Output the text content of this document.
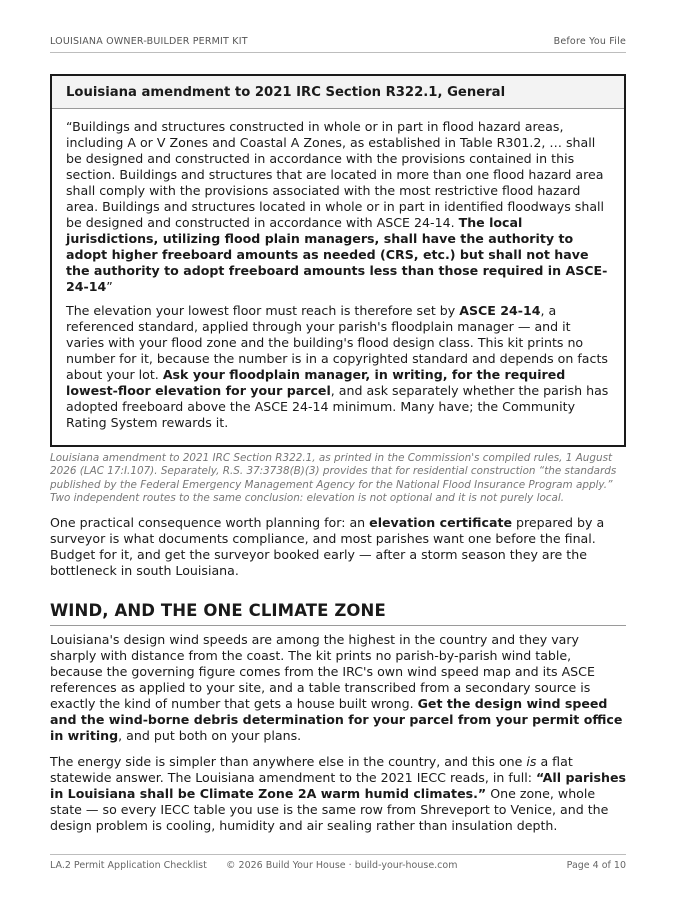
LOUISIANA OWNER-BUILDER PERMIT KIT	Before You File
Louisiana amendment to 2021 IRC Section R322.1, General

“Buildings and structures constructed in whole or in part in flood hazard areas, including A or V Zones and Coastal A Zones, as established in Table R301.2, … shall be designed and constructed in accordance with the provisions contained in this section. Buildings and structures that are located in more than one flood hazard area shall comply with the provisions associated with the most restrictive flood hazard area. Buildings and structures located in whole or in part in identified floodways shall be designed and constructed in accordance with ASCE 24-14. The local jurisdictions, utilizing flood plain managers, shall have the authority to adopt higher freeboard amounts as needed (CRS, etc.) but shall not have the authority to adopt freeboard amounts less than those required in ASCE-24-14”

The elevation your lowest floor must reach is therefore set by ASCE 24-14, a referenced standard, applied through your parish's floodplain manager — and it varies with your flood zone and the building's flood design class. This kit prints no number for it, because the number is in a copyrighted standard and depends on facts about your lot. Ask your floodplain manager, in writing, for the required lowest-floor elevation for your parcel, and ask separately whether the parish has adopted freeboard above the ASCE 24-14 minimum. Many have; the Community Rating System rewards it.

Louisiana amendment to 2021 IRC Section R322.1, as printed in the Commission's compiled rules, 1 August 2026 (LAC 17:I.107). Separately, R.S. 37:3738(B)(3) provides that for residential construction “the standards published by the Federal Emergency Management Agency for the National Flood Insurance Program apply.” Two independent routes to the same conclusion: elevation is not optional and it is not purely local.

One practical consequence worth planning for: an elevation certificate prepared by a surveyor is what documents compliance, and most parishes want one before the final. Budget for it, and get the surveyor booked early — after a storm season they are the bottleneck in south Louisiana.

WIND, AND THE ONE CLIMATE ZONE

Louisiana's design wind speeds are among the highest in the country and they vary sharply with distance from the coast. The kit prints no parish-by-parish wind table, because the governing figure comes from the IRC's own wind speed map and its ASCE references as applied to your site, and a table transcribed from a secondary source is exactly the kind of number that gets a house built wrong. Get the design wind speed and the wind-borne debris determination for your parcel from your permit office in writing, and put both on your plans.

The energy side is simpler than anywhere else in the country, and this one is a flat statewide answer. The Louisiana amendment to the 2021 IECC reads, in full: “All parishes in Louisiana shall be Climate Zone 2A warm humid climates.” One zone, whole state — so every IECC table you use is the same row from Shreveport to Venice, and the design problem is cooling, humidity and air sealing rather than insulation depth.

LA.2 Permit Application Checklist	© 2026 Build Your House · build-your-house.com	Page 4 of 10
